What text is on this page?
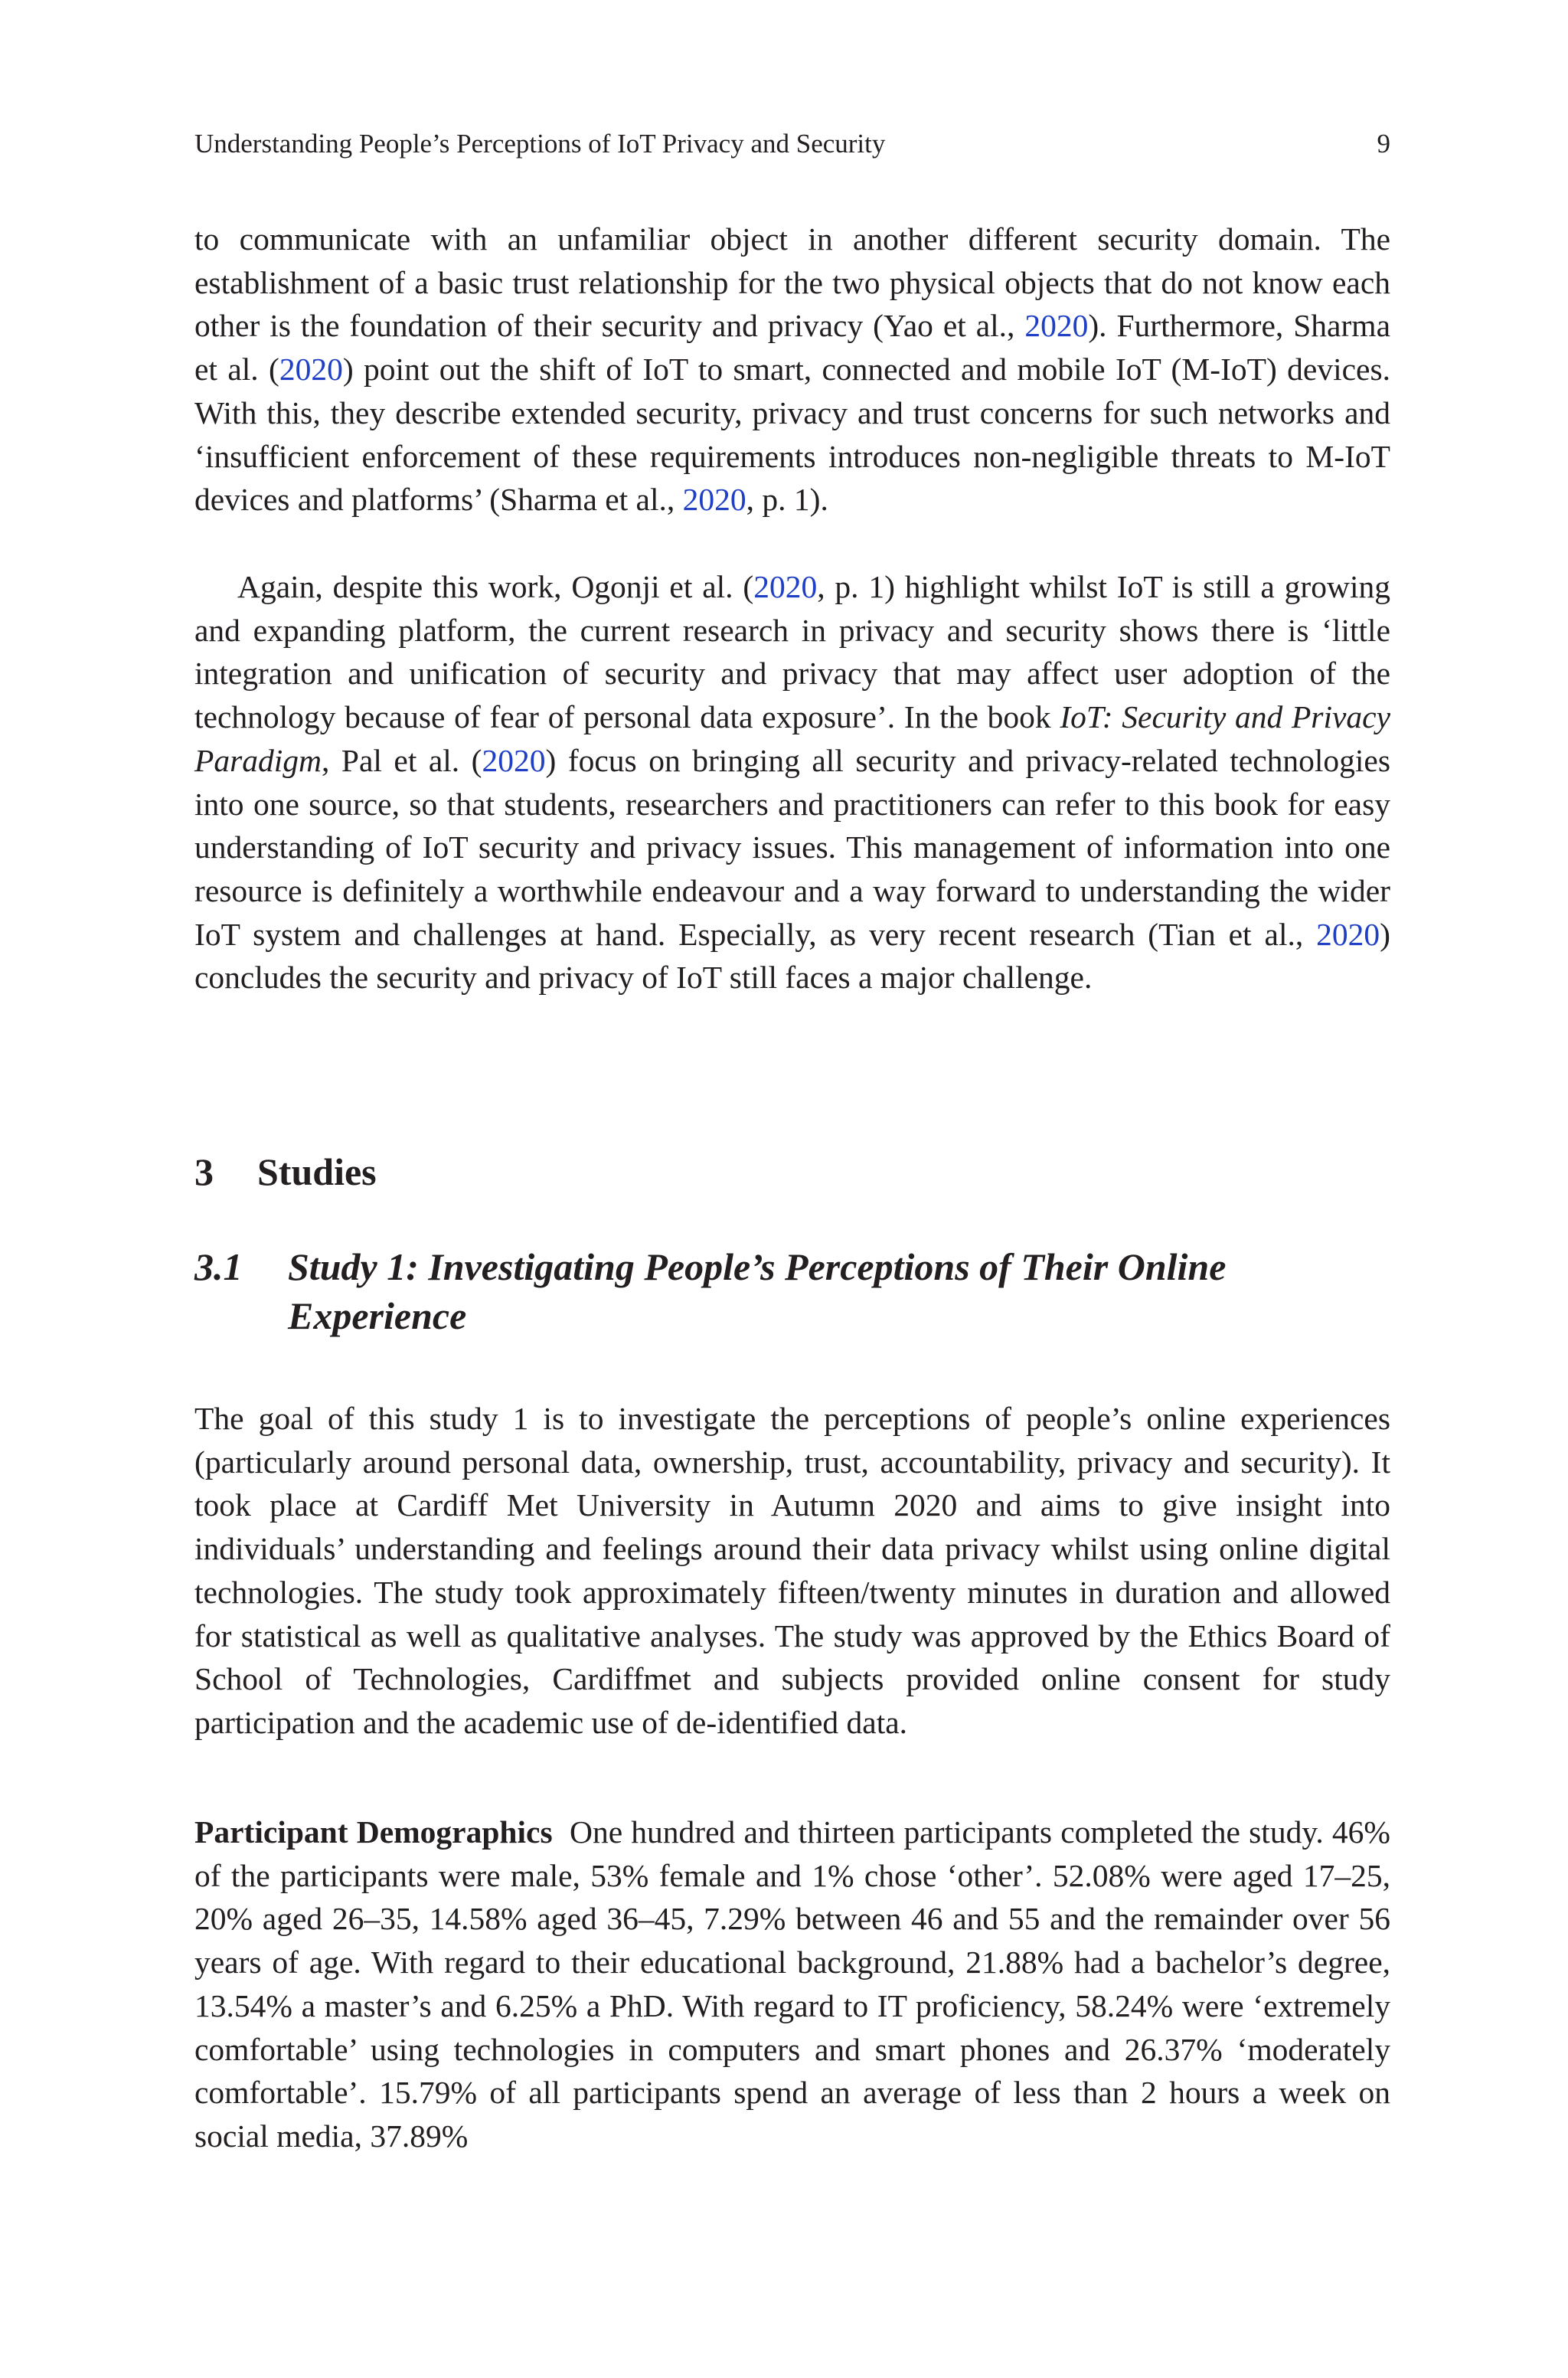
Understanding People’s Perceptions of IoT Privacy and Security	9

to communicate with an unfamiliar object in another different security domain. The establishment of a basic trust relationship for the two physical objects that do not know each other is the foundation of their security and privacy (Yao et al., 2020). Furthermore, Sharma et al. (2020) point out the shift of IoT to smart, connected and mobile IoT (M-IoT) devices. With this, they describe extended security, privacy and trust concerns for such networks and ‘insufficient enforcement of these requirements introduces non-negligible threats to M-IoT devices and platforms’ (Sharma et al., 2020, p. 1).

Again, despite this work, Ogonji et al. (2020, p. 1) highlight whilst IoT is still a growing and expanding platform, the current research in privacy and security shows there is ‘little integration and unification of security and privacy that may affect user adoption of the technology because of fear of personal data exposure’. In the book IoT: Security and Privacy Paradigm, Pal et al. (2020) focus on bringing all security and privacy-related technologies into one source, so that students, researchers and practitioners can refer to this book for easy understanding of IoT security and privacy issues. This management of information into one resource is definitely a worthwhile endeavour and a way forward to understanding the wider IoT system and challenges at hand. Especially, as very recent research (Tian et al., 2020) concludes the security and privacy of IoT still faces a major challenge.

3 Studies
3.1	Study 1: Investigating People’s Perceptions of Their Online Experience

The goal of this study 1 is to investigate the perceptions of people’s online experiences (particularly around personal data, ownership, trust, accountability, privacy and security). It took place at Cardiff Met University in Autumn 2020 and aims to give insight into individuals’ understanding and feelings around their data privacy whilst using online digital technologies. The study took approximately fifteen/twenty minutes in duration and allowed for statistical as well as qualitative analyses. The study was approved by the Ethics Board of School of Technologies, Cardiffmet and subjects provided online consent for study participation and the academic use of de-identified data.

Participant Demographics One hundred and thirteen participants completed the study. 46% of the participants were male, 53% female and 1% chose ‘other’. 52.08% were aged 17–25, 20% aged 26–35, 14.58% aged 36–45, 7.29% between 46 and 55 and the remainder over 56 years of age. With regard to their educational background, 21.88% had a bachelor’s degree, 13.54% a master’s and 6.25% a PhD. With regard to IT proficiency, 58.24% were ‘extremely comfortable’ using technologies in computers and smart phones and 26.37% ‘moderately comfortable’. 15.79% of all participants spend an average of less than 2 hours a week on social media, 37.89%
